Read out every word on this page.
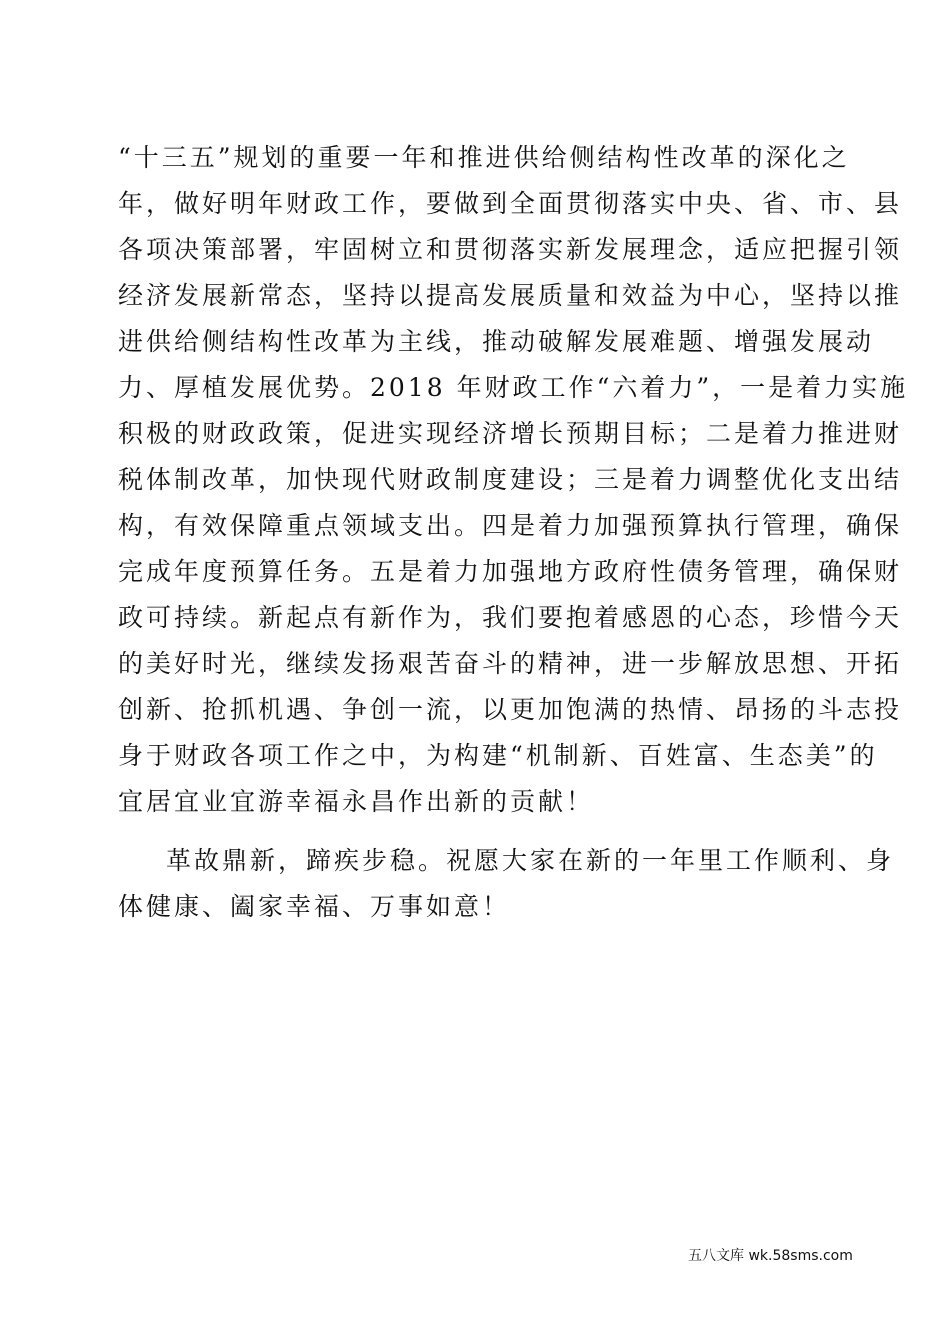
“十三五”规划的重要一年和推进供给侧结构性改革的深化之
年，做好明年财政工作，要做到全面贯彻落实中央、省、市、县
各项决策部署，牢固树立和贯彻落实新发展理念，适应把握引领
经济发展新常态，坚持以提高发展质量和效益为中心，坚持以推
进供给侧结构性改革为主线，推动破解发展难题、增强发展动
力、厚植发展优势。2018 年财政工作“六着力”，一是着力实施
积极的财政政策，促进实现经济增长预期目标；二是着力推进财
税体制改革，加快现代财政制度建设；三是着力调整优化支出结
构，有效保障重点领域支出。四是着力加强预算执行管理，确保
完成年度预算任务。五是着力加强地方政府性债务管理，确保财
政可持续。新起点有新作为，我们要抱着感恩的心态，珍惜今天
的美好时光，继续发扬艰苦奋斗的精神，进一步解放思想、开拓
创新、抢抓机遇、争创一流，以更加饱满的热情、昂扬的斗志投
身于财政各项工作之中，为构建“机制新、百姓富、生态美”的
宜居宜业宜游幸福永昌作出新的贡献！
革故鼎新，蹄疾步稳。祝愿大家在新的一年里工作顺利、身
体健康、阖家幸福、万事如意！
五八文库 wk.58sms.com
